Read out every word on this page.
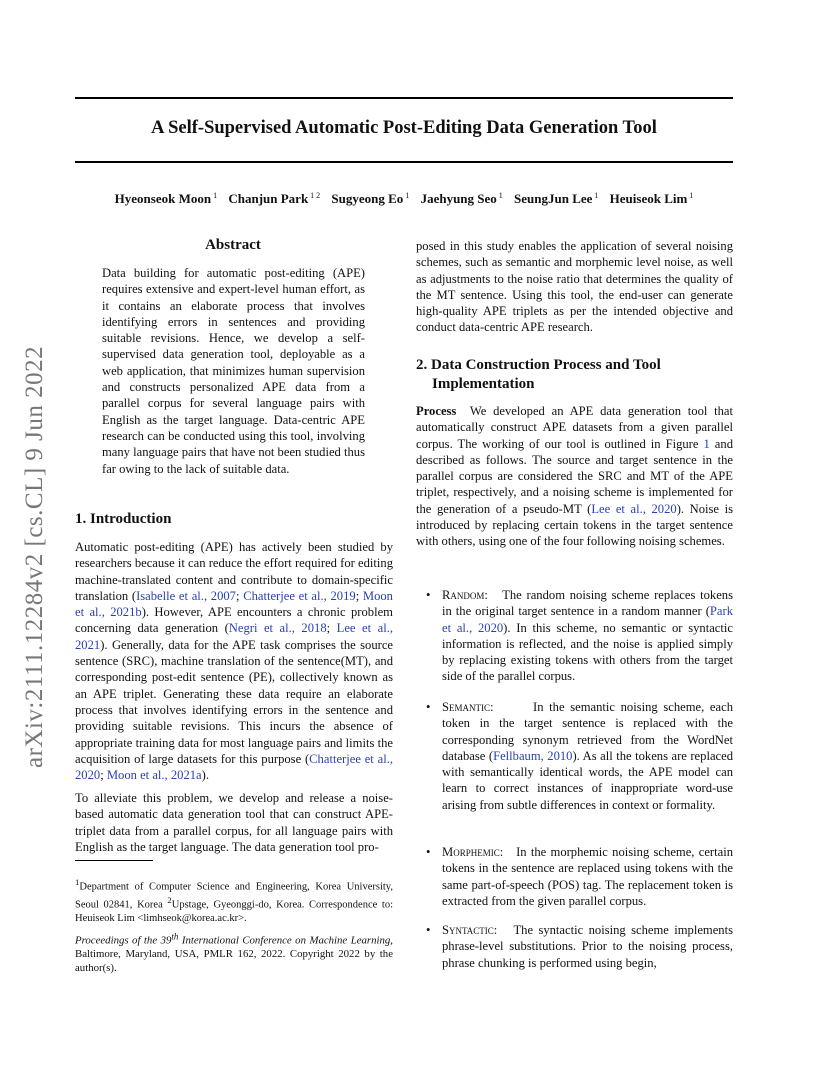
A Self-Supervised Automatic Post-Editing Data Generation Tool
Hyeonseok Moon $^1$ Chanjun Park $^{1 2}$ Sugyeong Eo $^1$ Jaehyung Seo $^1$ SeungJun Lee $^1$ Heuiseok Lim $^1$
arXiv:2111.12284v2 [cs.CL] 9 Jun 2022
Abstract

Data building for automatic post-editing (APE) requires extensive and expert-level human effort, as it contains an elaborate process that involves identifying errors in sentences and providing suitable revisions. Hence, we develop a self-supervised data generation tool, deployable as a web application, that minimizes human supervision and constructs personalized APE data from a parallel corpus for several language pairs with English as the target language. Data-centric APE research can be conducted using this tool, involving many language pairs that have not been studied thus far owing to the lack of suitable data.

1. Introduction

Automatic post-editing (APE) has actively been studied by researchers because it can reduce the effort required for editing machine-translated content and contribute to domain-specific translation (Isabelle et al., 2007; Chatterjee et al., 2019; Moon et al., 2021b). However, APE encounters a chronic problem concerning data generation (Negri et al., 2018; Lee et al., 2021). Generally, data for the APE task comprises the source sentence (SRC), machine translation of the sentence(MT), and corresponding post-edit sentence (PE), collectively known as an APE triplet. Generating these data require an elaborate process that involves identifying errors in the sentence and providing suitable revisions. This incurs the absence of appropriate training data for most language pairs and limits the acquisition of large datasets for this purpose (Chatterjee et al., 2020; Moon et al., 2021a).

To alleviate this problem, we develop and release a noise-based automatic data generation tool that can construct APE-triplet data from a parallel corpus, for all language pairs with English as the target language. The data generation tool pro-

$^1$Department of Computer Science and Engineering, Korea University, Seoul 02841, Korea $^2$Upstage, Gyeonggi-do, Korea. Correspondence to: Heuiseok Lim <limhseok@korea.ac.kr>.
Proceedings of the 39th International Conference on Machine Learning, Baltimore, Maryland, USA, PMLR 162, 2022. Copyright 2022 by the author(s).

posed in this study enables the application of several noising schemes, such as semantic and morphemic level noise, as well as adjustments to the noise ratio that determines the quality of the MT sentence. Using this tool, the end-user can generate high-quality APE triplets as per the intended objective and conduct data-centric APE research.

2. Data Construction Process and Tool
Implementation

Process We developed an APE data generation tool that automatically construct APE datasets from a given parallel corpus. The working of our tool is outlined in Figure 1 and described as follows. The source and target sentence in the parallel corpus are considered the SRC and MT of the APE triplet, respectively, and a noising scheme is implemented for the generation of a pseudo-MT (Lee et al., 2020). Noise is introduced by replacing certain tokens in the target sentence with others, using one of the four following noising schemes.

• Random: The random noising scheme replaces tokens in the original target sentence in a random manner (Park et al., 2020). In this scheme, no semantic or syntactic information is reflected, and the noise is applied simply by replacing existing tokens with others from the target side of the parallel corpus.
• Semantic:	In the semantic noising scheme, each token in the target sentence is replaced with the corresponding synonym retrieved from the WordNet database (Fellbaum, 2010). As all the tokens are replaced with semantically identical words, the APE model can learn to correct instances of inappropriate word-use arising from subtle differences in context or formality.
• Morphemic: In the morphemic noising scheme, certain tokens in the sentence are replaced using tokens with the same part-of-speech (POS) tag. The replacement token is extracted from the given parallel corpus.
• Syntactic: The syntactic noising scheme implements phrase-level substitutions. Prior to the noising process, phrase chunking is performed using begin,
